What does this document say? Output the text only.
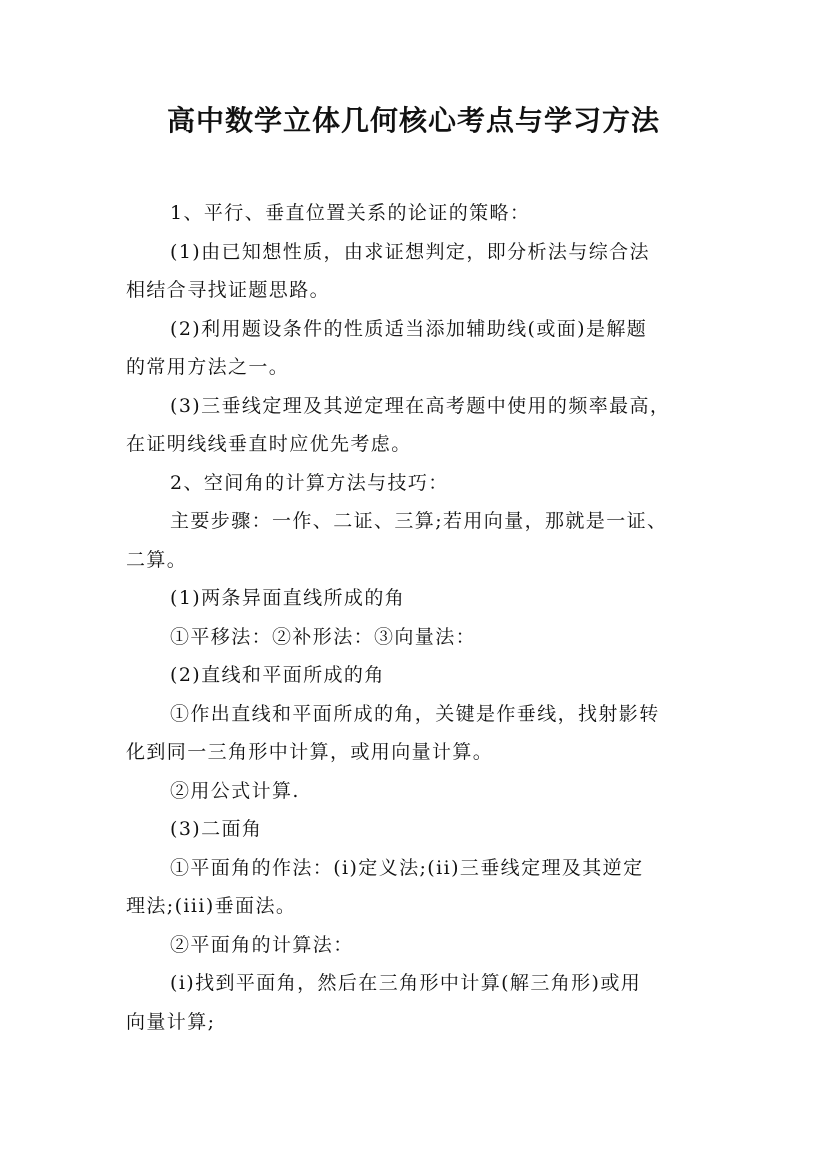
高中数学立体几何核心考点与学习方法
1、平行、垂直位置关系的论证的策略：
(1)由已知想性质，由求证想判定，即分析法与综合法
相结合寻找证题思路。
(2)利用题设条件的性质适当添加辅助线(或面)是解题
的常用方法之一。
(3)三垂线定理及其逆定理在高考题中使用的频率最高，
在证明线线垂直时应优先考虑。
2、空间角的计算方法与技巧：
主要步骤：一作、二证、三算;若用向量，那就是一证、
二算。
(1)两条异面直线所成的角
①平移法：②补形法：③向量法：
(2)直线和平面所成的角
①作出直线和平面所成的角，关键是作垂线，找射影转
化到同一三角形中计算，或用向量计算。
②用公式计算.
(3)二面角
①平面角的作法：(i)定义法;(ii)三垂线定理及其逆定
理法;(iii)垂面法。
②平面角的计算法：
(i)找到平面角，然后在三角形中计算(解三角形)或用
向量计算;
